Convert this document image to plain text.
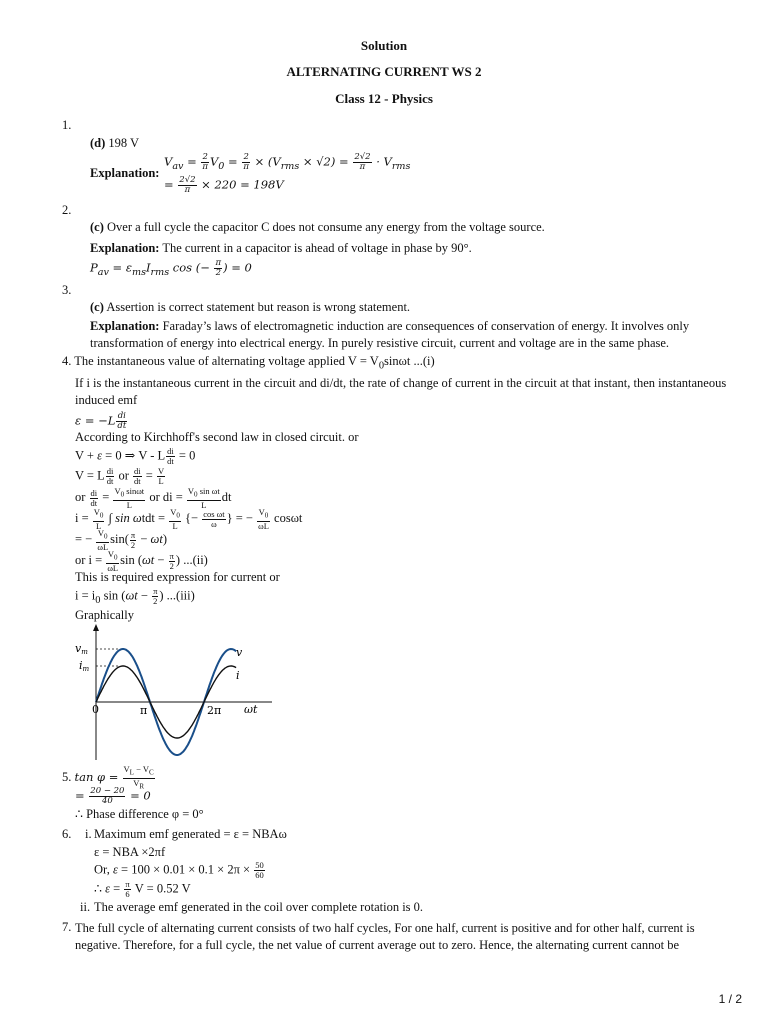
Solution
ALTERNATING CURRENT WS 2
Class 12 - Physics
1.
(d) 198 V
Explanation:
$V_{av} = \frac{2}{\pi} V_0 = \frac{2}{\pi} \times (V_{rms} \times √2) = \frac{2√2}{\pi} \cdot V_{rms}$
= $\frac{2√2}{\pi} \times 220 = 198V$
2.
(c) Over a full cycle the capacitor C does not consume any energy from the voltage source.
Explanation: The current in a capacitor is ahead of voltage in phase by 90°.
$P_{av} = \varepsilon_{ms}I_{rms}$ cos (− $\frac{\pi}{2}$ ) = 0
3.
(c) Assertion is correct statement but reason is wrong statement.
Explanation: Faraday’s laws of electromagnetic induction are consequences of conservation of energy. It involves only transformation of energy into electrical energy. In purely resistive circuit, current and voltage are in the same phase.
4. The instantaneous value of alternating voltage applied $V = V_0\sin\omega t$ ...(i)
If i is the instantaneous current in the circuit and di/dt, the rate of change of current in the circuit at that instant, then instantaneous induced emf
$\varepsilon = -L \frac{di}{dt}$
According to Kirchhoff's second law in closed circuit. or
V + ε = 0 ⇒ V - L $\frac{di}{dt} = 0$
V = L $\frac{di}{dt}$ or $\frac{di}{dt} = \frac{V}{L}$
or $\frac{di}{dt} = \frac{V_0 \sin\omega t}{L}$ or di = $\frac{V_0 \sin \omega t}{L}$ dt
$i = \frac{V_0}{L}$ ∫ $\sin \omega tdt = \frac{V_0}{L}$ {− $\frac{\text{cos ωt}}{\omega}$ } = − $\frac{V_0}{\omega L}$ cosωt
= − $\frac{V_0}{\omega L} \sin( \frac{\pi}{2} - \omega t)$
or $i = \frac{V_0}{\omega L}$ $\sin (\omega t - \frac{\pi}{2}$ ) ...(ii)
This is required expression for current or
$i = i_0$ $\sin (\omega t - \frac{\pi}{2}$ ) ...(iii)
Graphically
vm
im
0	π	2π ωt
v
i
5. $\tan \varphi = \frac{V_L - V_C}{V_R}$
= $\frac{20 - 20}{40} = 0$
∴ Phase difference φ = 0°
6. i. Maximum emf generated = ε = NBAω
ε = NBA ×2πf
Or, $\varepsilon = 100 \times 0.01 \times 0.1 \times 2\pi \times \frac{50}{60}$
∴ $\varepsilon = \frac{\pi}{6}$ V = 0.52 V
ii. The average emf generated in the coil over complete rotation is 0.
7. The full cycle of alternating current consists of two half cycles, For one half, current is positive and for other half, current is negative. Therefore, for a full cycle, the net value of current average out to zero. Hence, the alternating current cannot be
1 / 2
